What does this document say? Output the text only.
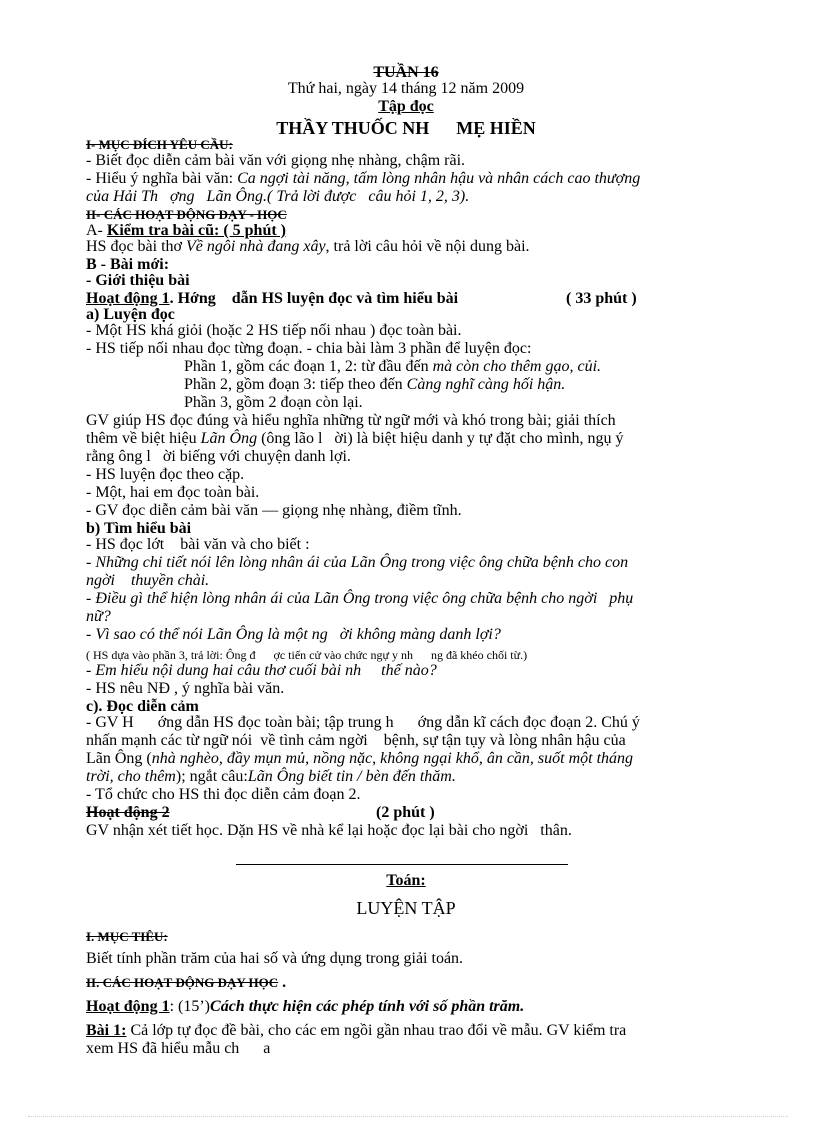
TUẦN 16
Thứ hai, ngày 14 tháng 12 năm 2009
Tập đọc
THẦY THUỐC NH      MẸ HIỀN
I- MỤC ĐÍCH YÊU CẦU:
- Biết đọc diễn cảm bài văn với giọng nhẹ nhàng, chậm rãi.
- Hiểu ý nghĩa bài văn: Ca ngợi tài năng, tấm lòng nhân hậu và nhân cách cao thượng
của Hải Th   ợng   Lãn Ông.( Trả lời được   câu hỏi 1, 2, 3).
II- CÁC HOẠT ĐỘNG DẠY - HỌC
A- Kiểm tra bài cũ: ( 5 phút )
HS đọc bài thơ Về ngôi nhà đang xây, trả lời câu hỏi về nội dung bài.
B - Bài mới:
- Giới thiệu bài
Hoạt động 1. Hớng    dẫn HS luyện đọc và tìm hiểu bài	( 33 phút )
a) Luyện đọc
- Một HS khá giỏi (hoặc 2 HS tiếp nối nhau ) đọc toàn bài.
- HS tiếp nối nhau đọc từng đoạn. - chia bài làm 3 phần để luyện đọc:
Phần 1, gồm các đoạn 1, 2: từ đầu đến mà còn cho thêm gạo, củi.
Phần 2, gồm đoạn 3: tiếp theo đến Càng nghĩ càng hối hận.
Phần 3, gồm 2 đoạn còn lại.
GV giúp HS đọc đúng và hiểu nghĩa những từ ngữ mới và khó trong bài; giải thích
thêm về biệt hiệu Lãn Ông (ông lão l   ời) là biệt hiệu danh y tự đặt cho mình, ngụ ý
rằng ông l   ời biếng với chuyện danh lợi.
- HS luyện đọc theo cặp.
- Một, hai em đọc toàn bài.
- GV đọc diễn cảm bài văn — giọng nhẹ nhàng, điềm tĩnh.
b) Tìm hiểu bài
- HS đọc lớt    bài văn và cho biết :
- Những chi tiết nói lên lòng nhân ái của Lãn Ông trong việc ông chữa bệnh cho con
ngời    thuyền chài.
- Điều gì thể hiện lòng nhân ái của Lãn Ông trong việc ông chữa bệnh cho ngời   phụ
nữ?
- Vì sao có thể nói Lãn Ông là một ng   ời không màng danh lợi?
( HS dựa vào phần 3, trả lời: Ông đ      ợc tiến cử vào chức ngự y nh      ng đã khéo chối từ.)
- Em hiểu nội dung hai câu thơ cuối bài nh     thế nào?
- HS nêu NĐ , ý nghĩa bài văn.
c). Đọc diễn cảm
- GV H      ớng dẫn HS đọc toàn bài; tập trung h      ớng dẫn kĩ cách đọc đoạn 2. Chú ý
nhấn mạnh các từ ngữ nói  về tình cảm ngời    bệnh, sự tận tụy và lòng nhân hậu của
Lãn Ông (nhà nghèo, đầy mụn mủ, nồng nặc, không ngại khổ, ân cần, suốt một tháng
trời, cho thêm); ngắt câu:Lãn Ông biết tin / bèn đến thăm.
- Tổ chức cho HS thi đọc diễn cảm đoạn 2.
Hoạt động 2	(2 phút )
GV nhận xét tiết học. Dặn HS về nhà kể lại hoặc đọc lại bài cho ngời   thân.
Toán:
LUYỆN TẬP
I. MỤC TIÊU:
Biết tính phần trăm của hai số và ứng dụng trong giải toán.
II. CÁC HOẠT ĐỘNG DẠY HỌC .
Hoạt động 1: (15’)Cách thực hiện các phép tính với số phần trăm.
Bài 1: Cả lớp tự đọc đề bài, cho các em ngồi gần nhau trao đổi về mẫu. GV kiểm tra
xem HS đã hiểu mẫu ch      a
